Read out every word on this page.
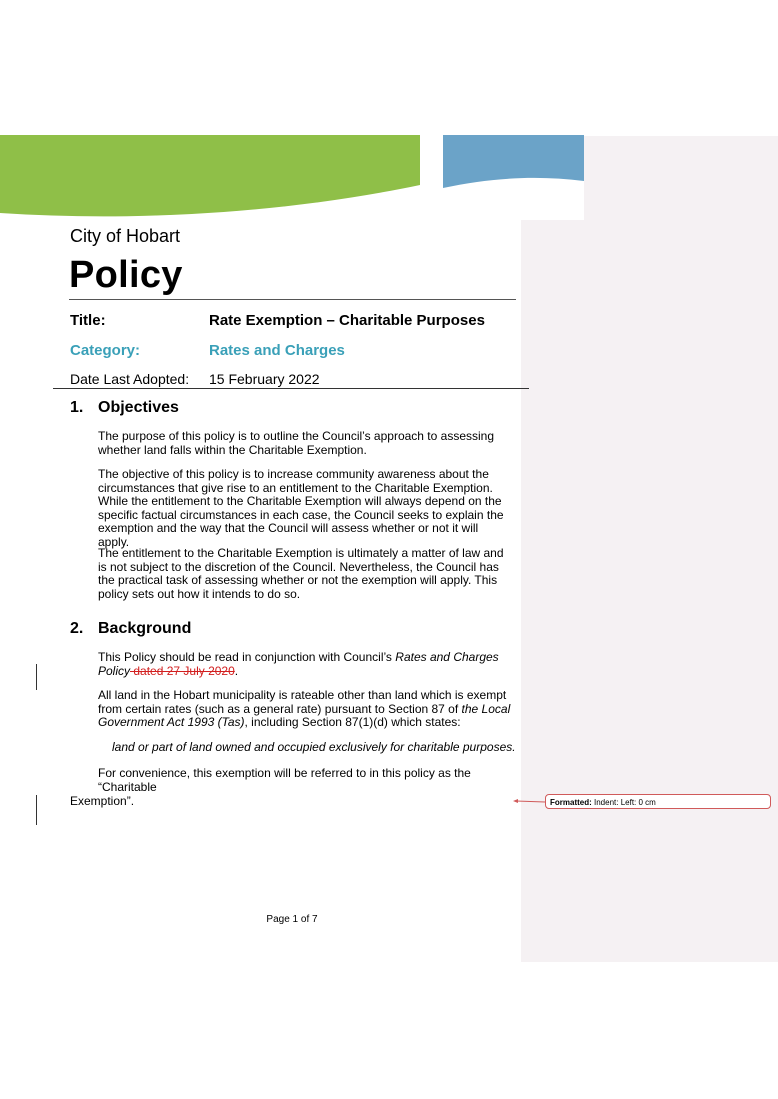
City of Hobart
Policy
Title:	Rate Exemption – Charitable Purposes
Category:	Rates and Charges
Date Last Adopted: 15 February 2022
1. Objectives

The purpose of this policy is to outline the Council’s approach to assessing whether land falls within the Charitable Exemption.

The objective of this policy is to increase community awareness about the circumstances that give rise to an entitlement to the Charitable Exemption. While the entitlement to the Charitable Exemption will always depend on the specific factual circumstances in each case, the Council seeks to explain the exemption and the way that the Council will assess whether or not it will apply.

The entitlement to the Charitable Exemption is ultimately a matter of law and is not subject to the discretion of the Council. Nevertheless, the Council has the practical task of assessing whether or not the exemption will apply. This policy sets out how it intends to do so.

2. Background

This Policy should be read in conjunction with Council’s Rates and Charges Policy dated 27 July 2020.

All land in the Hobart municipality is rateable other than land which is exempt from certain rates (such as a general rate) pursuant to Section 87 of the Local Government Act 1993 (Tas), including Section 87(1)(d) which states:

land or part of land owned and occupied exclusively for charitable purposes.

For convenience, this exemption will be referred to in this policy as the “Charitable

Exemption”.	Formatted: Indent: Left: 0 cm
Page 1 of 7
